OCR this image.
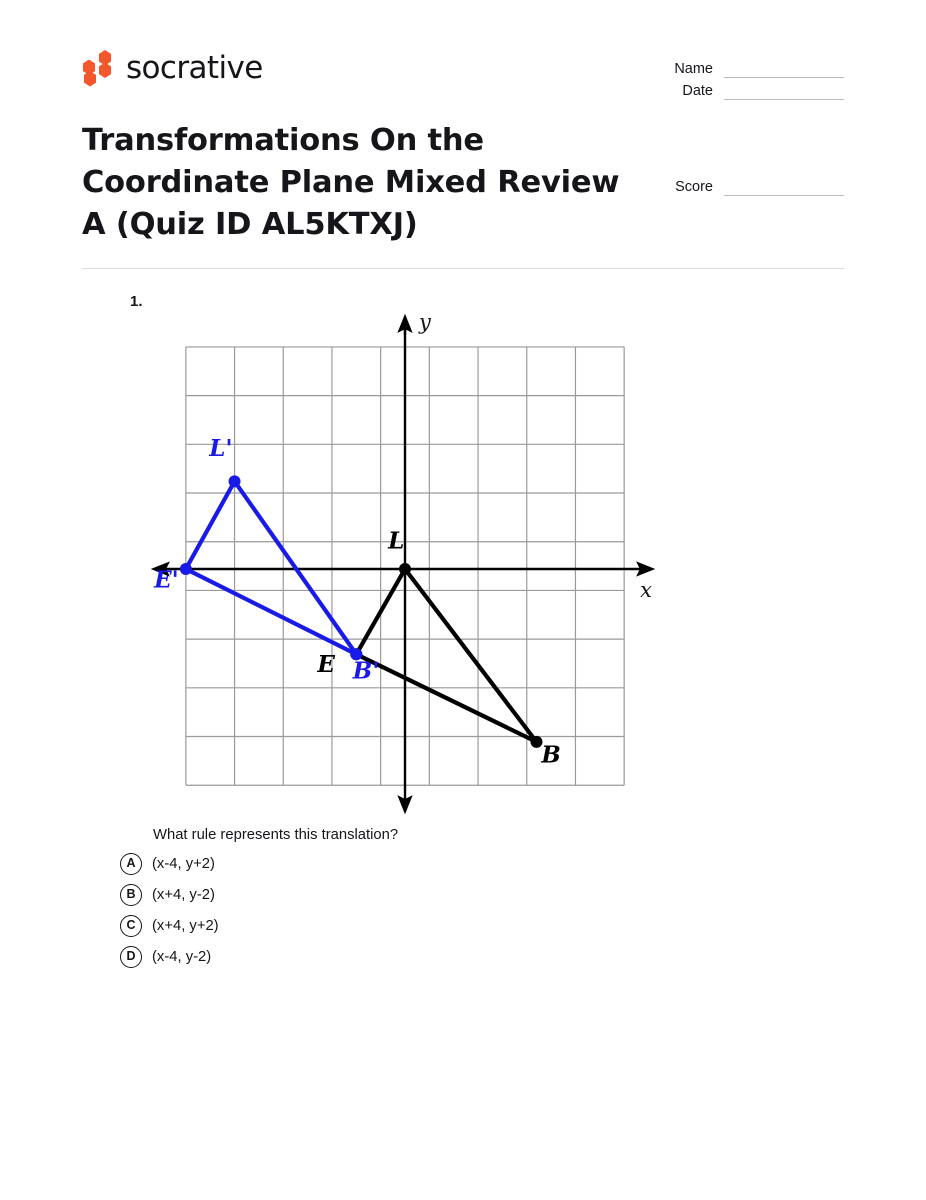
socrative	Name
Date
Score
Transformations On the Coordinate Plane Mixed Review A (Quiz ID AL5KTXJ)
1.
y
x
L
E
B
L'
E'
B'
What rule represents this translation?
A	(x-4, y+2)
B	(x+4, y-2)
C	(x+4, y+2)
D	(x-4, y-2)
